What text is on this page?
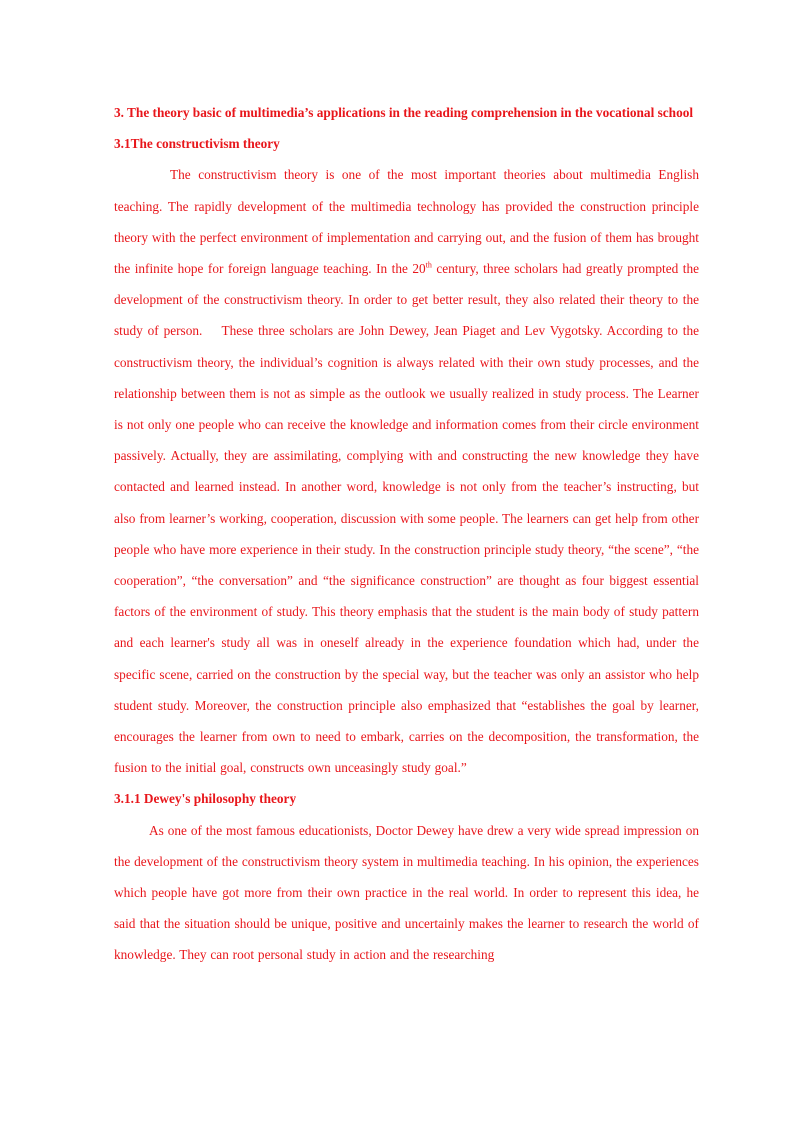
3. The theory basic of multimedia’s applications in the reading comprehension in the vocational school

3.1The constructivism theory

The constructivism theory is one of the most important theories about multimedia English teaching. The rapidly development of the multimedia technology has provided the construction principle theory with the perfect environment of implementation and carrying out, and the fusion of them has brought the infinite hope for foreign language teaching. In the 20th century, three scholars had greatly prompted the development of the constructivism theory. In order to get better result, they also related their theory to the study of person.    These three scholars are John Dewey, Jean Piaget and Lev Vygotsky. According to the constructivism theory, the individual’s cognition is always related with their own study processes, and the relationship between them is not as simple as the outlook we usually realized in study process. The Learner is not only one people who can receive the knowledge and information comes from their circle environment passively. Actually, they are assimilating, complying with and constructing the new knowledge they have contacted and learned instead. In another word, knowledge is not only from the teacher’s instructing, but also from learner’s working, cooperation, discussion with some people. The learners can get help from other people who have more experience in their study. In the construction principle study theory, “the scene”, “the cooperation”, “the conversation” and “the significance construction” are thought as four biggest essential factors of the environment of study. This theory emphasis that the student is the main body of study pattern and each learner's study all was in oneself already in the experience foundation which had, under the specific scene, carried on the construction by the special way, but the teacher was only an assistor who help student study. Moreover, the construction principle also emphasized that “establishes the goal by learner, encourages the learner from own to need to embark, carries on the decomposition, the transformation, the fusion to the initial goal, constructs own unceasingly study goal.”

3.1.1 Dewey's philosophy theory

As one of the most famous educationists, Doctor Dewey have drew a very wide spread impression on the development of the constructivism theory system in multimedia teaching. In his opinion, the experiences which people have got more from their own practice in the real world. In order to represent this idea, he said that the situation should be unique, positive and uncertainly makes the learner to research the world of knowledge. They can root personal study in action and the researching
